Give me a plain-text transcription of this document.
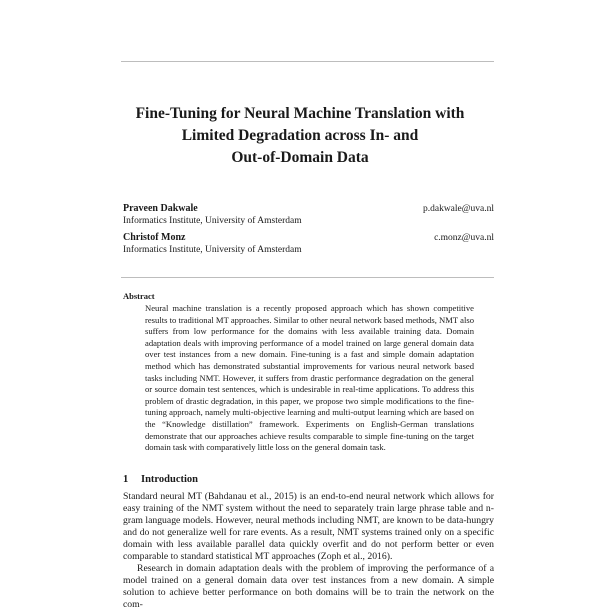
Fine-Tuning for Neural Machine Translation with
Limited Degradation across In- and
Out-of-Domain Data
Praveen Dakwale	p.dakwale@uva.nl
Informatics Institute, University of Amsterdam
Christof Monz	c.monz@uva.nl
Informatics Institute, University of Amsterdam
Abstract
Neural machine translation is a recently proposed approach which has shown competitive results to traditional MT approaches. Similar to other neural network based methods, NMT also suffers from low performance for the domains with less available training data. Domain adaptation deals with improving performance of a model trained on large general domain data over test instances from a new domain. Fine-tuning is a fast and simple domain adaptation method which has demonstrated substantial improvements for various neural network based tasks including NMT. However, it suffers from drastic performance degradation on the general or source domain test sentences, which is undesirable in real-time applications. To address this problem of drastic degradation, in this paper, we propose two simple modifications to the fine-tuning approach, namely multi-objective learning and multi-output learning which are based on the “Knowledge distillation” framework. Experiments on English-German translations demonstrate that our approaches achieve results comparable to simple fine-tuning on the target domain task with comparatively little loss on the general domain task.
1 Introduction

Standard neural MT (Bahdanau et al., 2015) is an end-to-end neural network which allows for easy training of the NMT system without the need to separately train large phrase table and n-gram language models. However, neural methods including NMT, are known to be data-hungry and do not generalize well for rare events. As a result, NMT systems trained only on a specific domain with less available parallel data quickly overfit and do not perform better or even comparable to standard statistical MT approaches (Zoph et al., 2016).

Research in domain adaptation deals with the problem of improving the performance of a model trained on a general domain data over test instances from a new domain. A simple solution to achieve better performance on both domains will be to train the network on the com-
